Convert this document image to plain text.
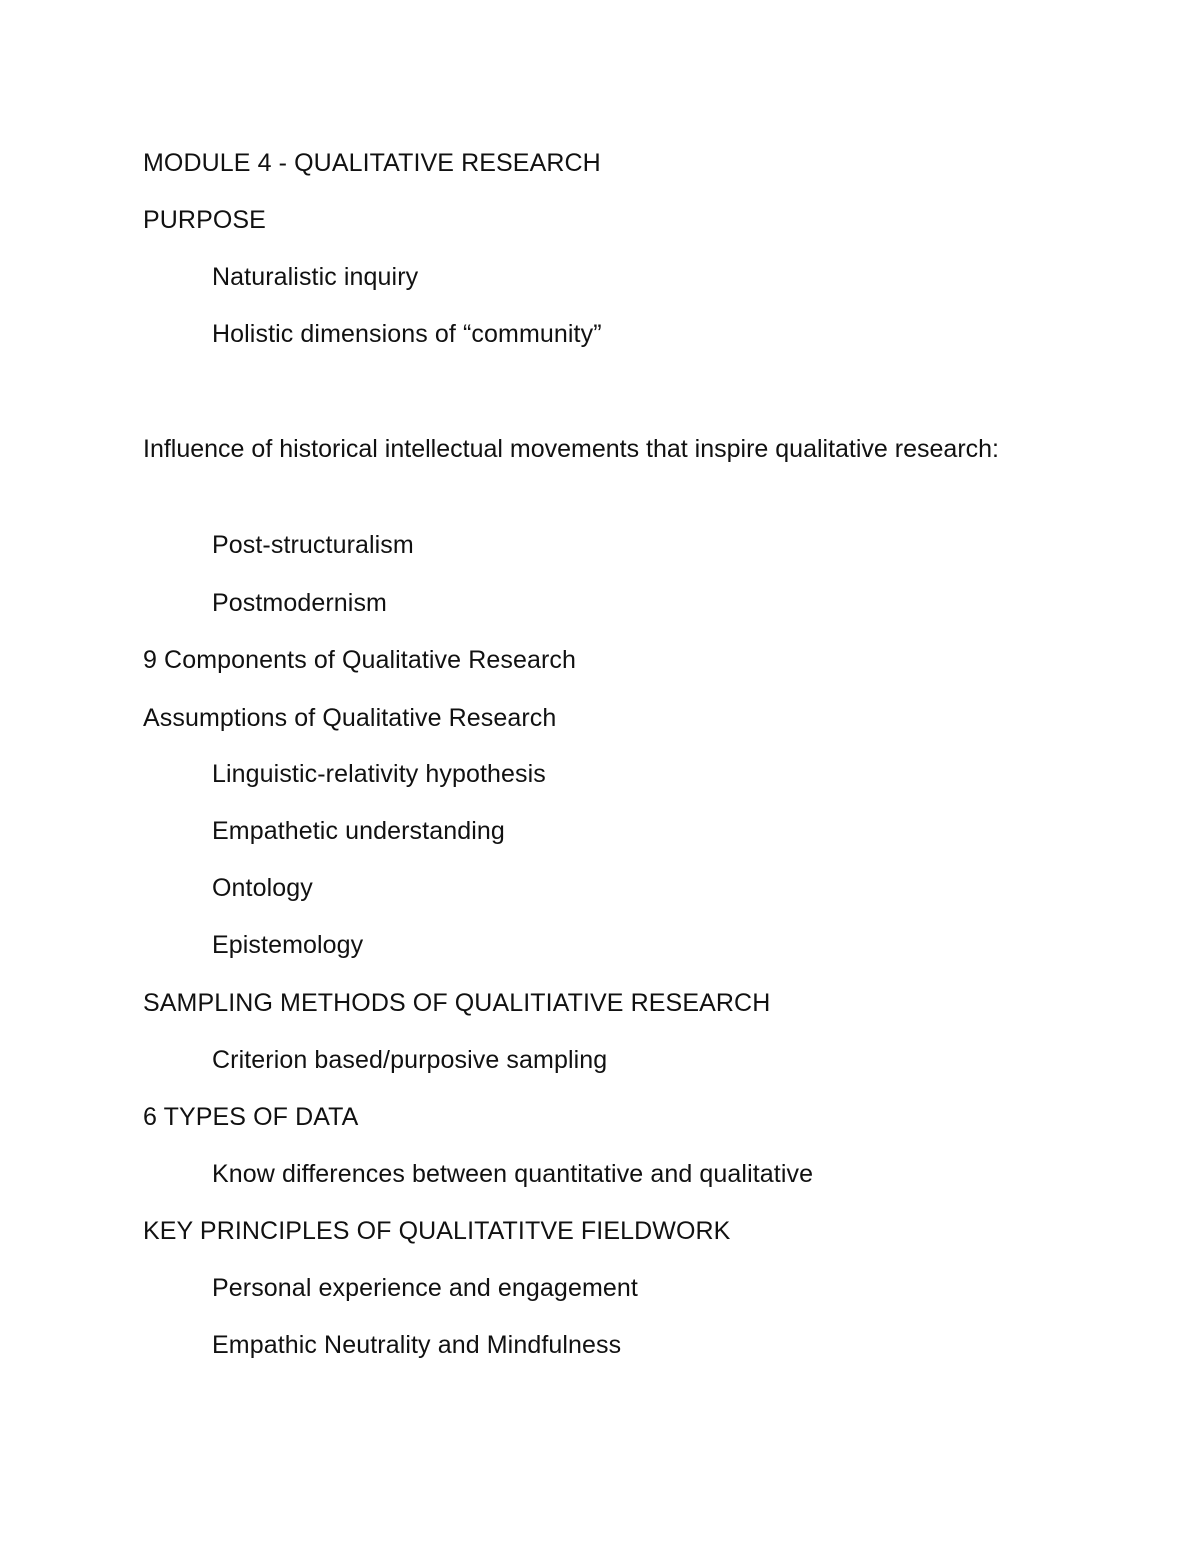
MODULE 4 - QUALITATIVE RESEARCH
PURPOSE
Naturalistic inquiry
Holistic dimensions of “community”
Influence of historical intellectual movements that inspire qualitative research:
Post-structuralism
Postmodernism
9 Components of Qualitative Research
Assumptions of Qualitative Research
Linguistic-relativity hypothesis
Empathetic understanding
Ontology
Epistemology
SAMPLING METHODS OF QUALITIATIVE RESEARCH
Criterion based/purposive sampling
6 TYPES OF DATA
Know differences between quantitative and qualitative
KEY PRINCIPLES OF QUALITATITVE FIELDWORK
Personal experience and engagement
Empathic Neutrality and Mindfulness
